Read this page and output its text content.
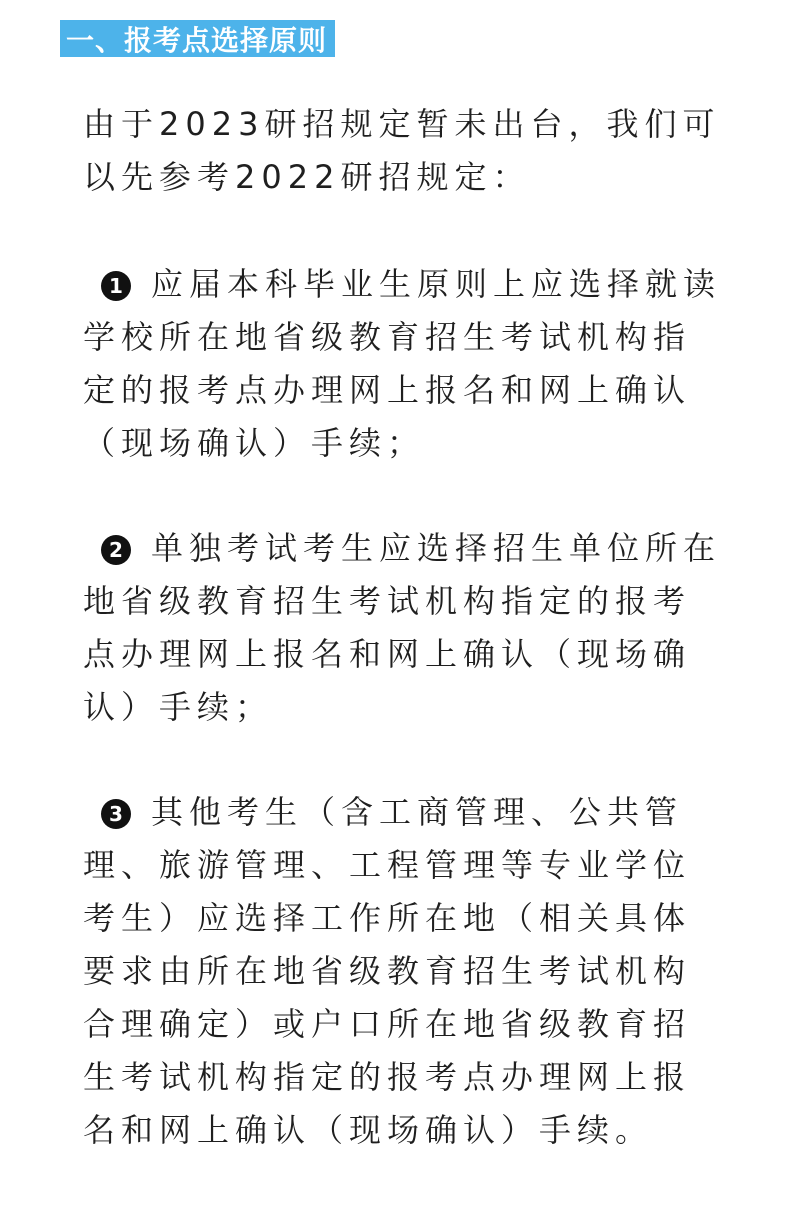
一、报考点选择原则

由于2023研招规定暂未出台，我们可以先参考2022研招规定：

1 应届本科毕业生原则上应选择就读学校所在地省级教育招生考试机构指定的报考点办理网上报名和网上确认（现场确认）手续；

2 单独考试考生应选择招生单位所在地省级教育招生考试机构指定的报考点办理网上报名和网上确认（现场确认）手续；

3 其他考生（含工商管理、公共管理、旅游管理、工程管理等专业学位考生）应选择工作所在地（相关具体要求由所在地省级教育招生考试机构合理确定）或户口所在地省级教育招生考试机构指定的报考点办理网上报名和网上确认（现场确认）手续。
